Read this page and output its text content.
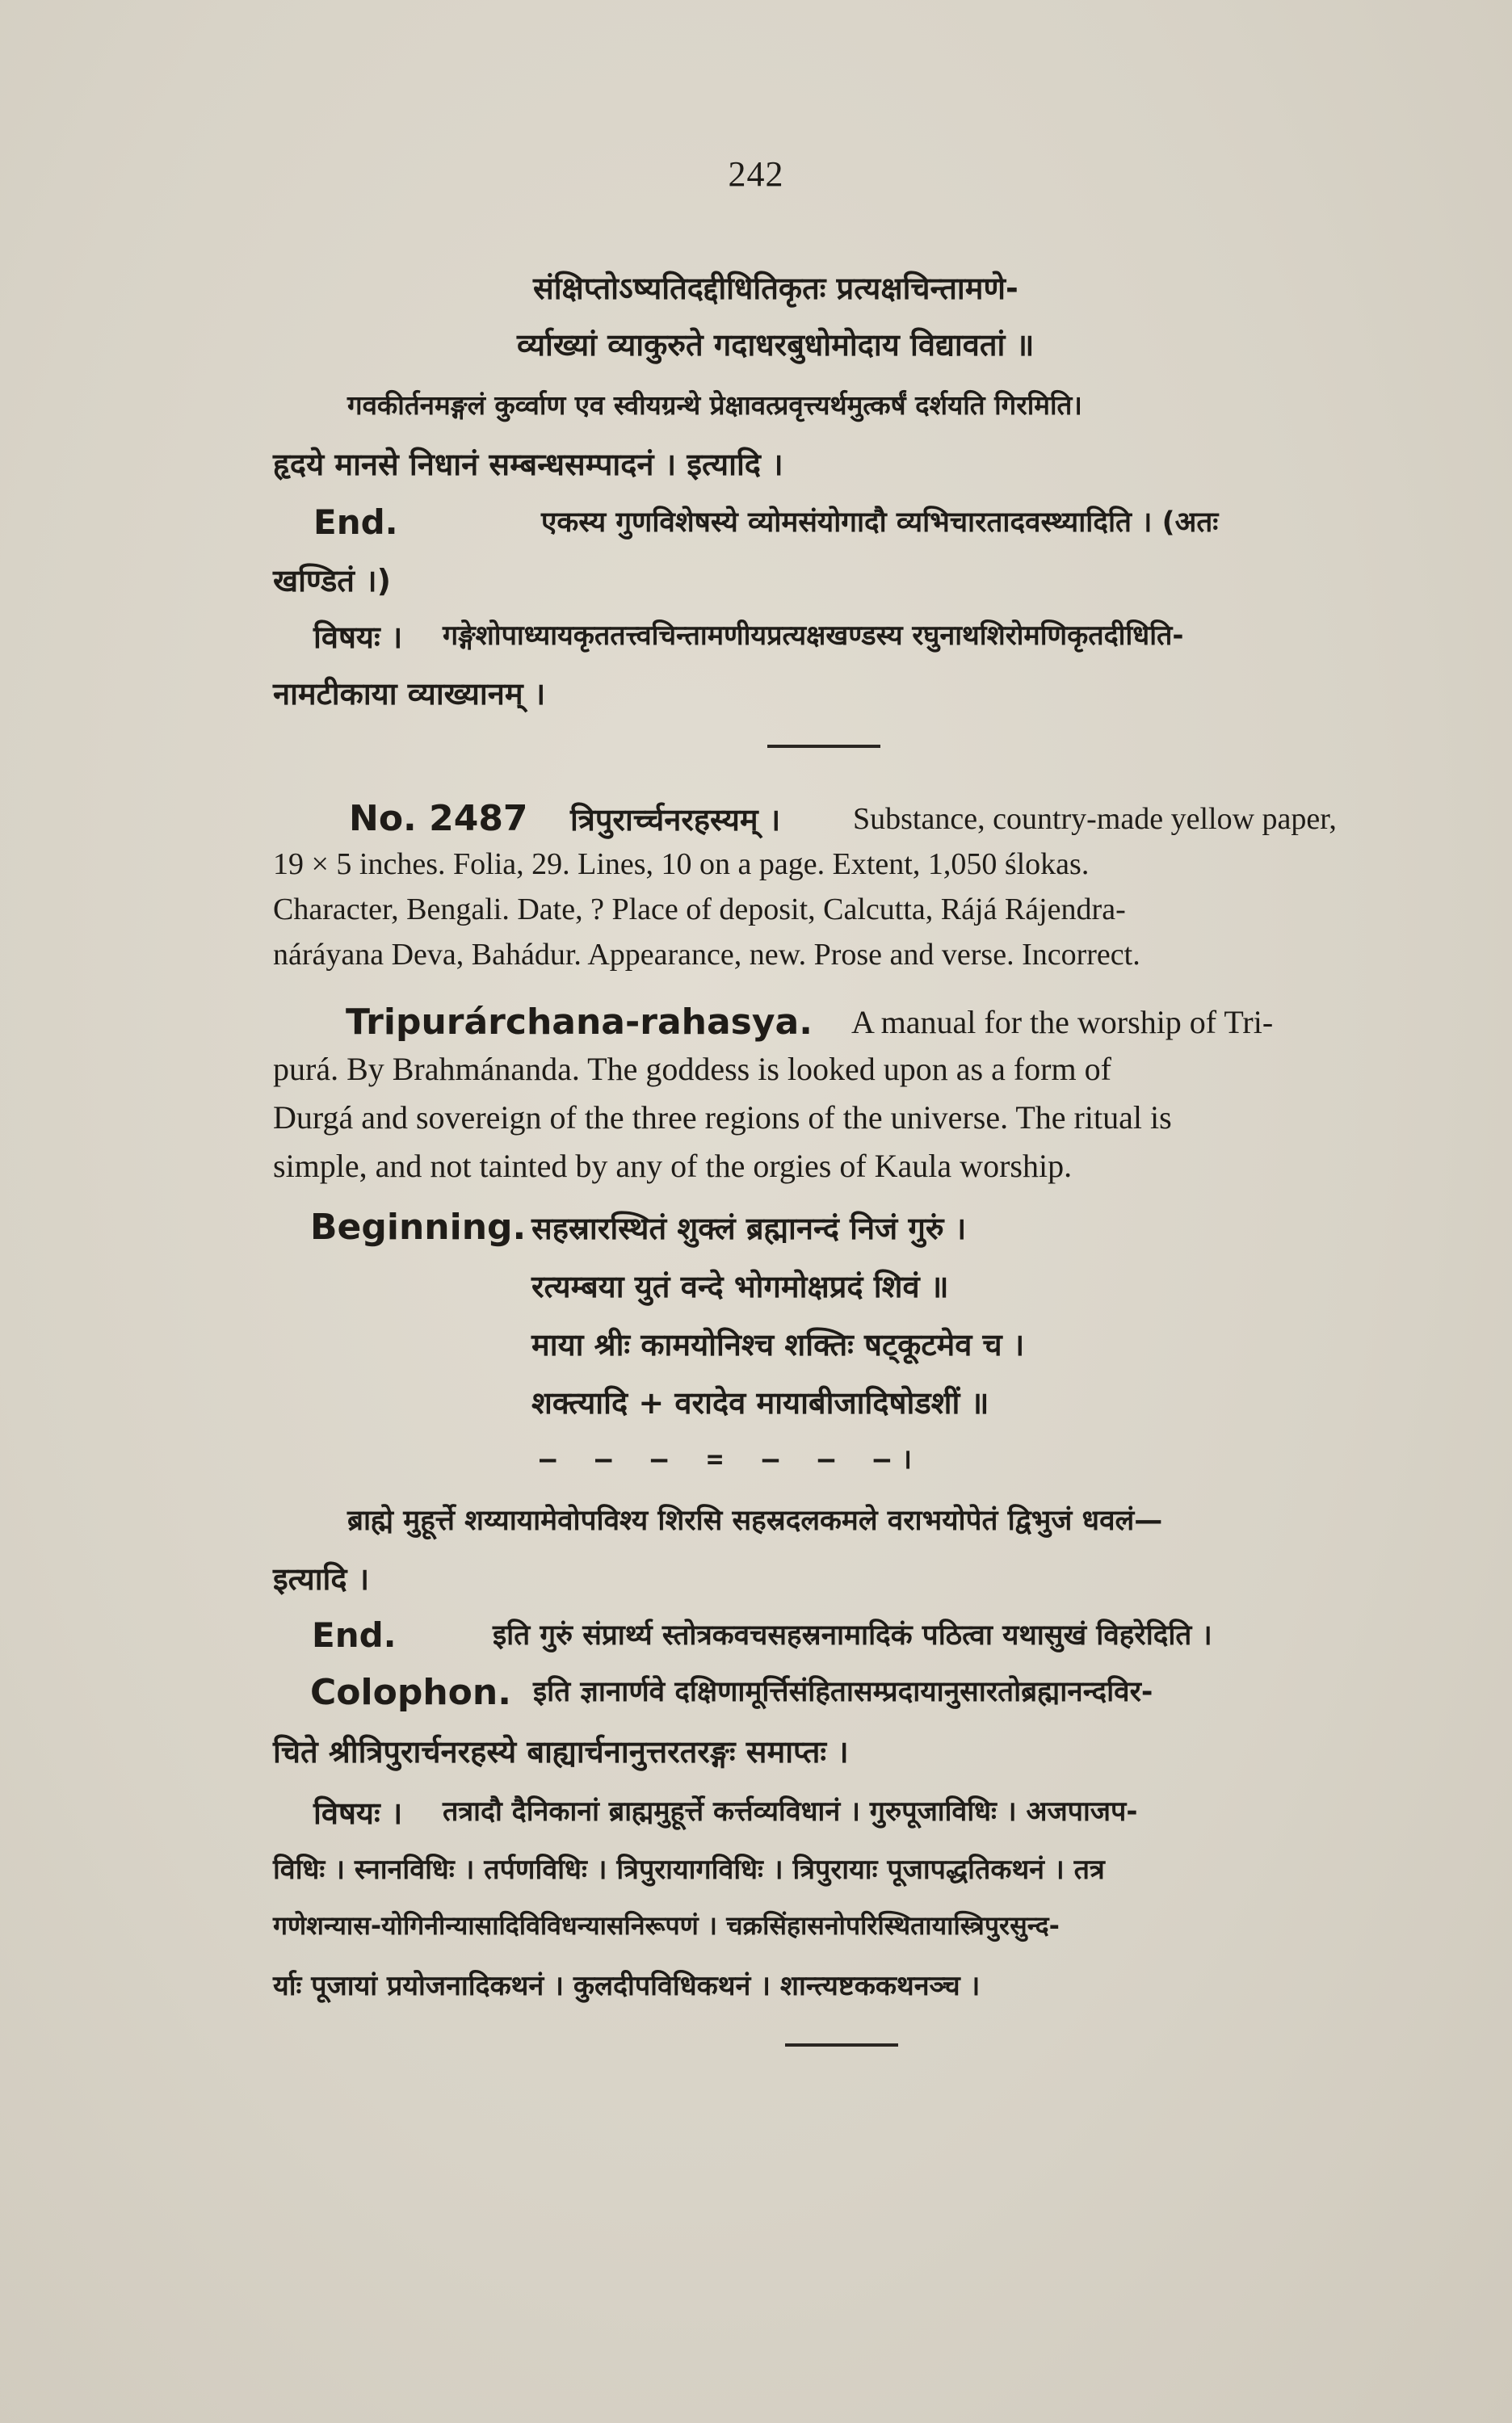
242
संक्षिप्तोऽष्यतिदद्दीधितिकृतः प्रत्यक्षचिन्तामणे-
र्व्याख्यां व्याकुरुते गदाधरबुधोमोदाय विद्यावतां ॥
गवकीर्तनमङ्गलं कुर्व्वाण एव स्वीयग्रन्थे प्रेक्षावत्प्रवृत्त्यर्थमुत्कर्षं दर्शयति गिरमिति।
हृदये मानसे निधानं सम्बन्धसम्पादनं । इत्यादि ।
End.	एकस्य गुणविशेषस्ये व्योमसंयोगादौ व्यभिचारतादवस्थ्यादिति । (अतः
खण्डितं ।)
विषयः । गङ्गेशोपाध्यायकृततत्त्वचिन्तामणीयप्रत्यक्षखण्डस्य रघुनाथशिरोमणिकृतदीधिति-
नामटीकाया व्याख्यानम् ।
No. 2487 त्रिपुरार्च्चनरहस्यम् । Substance, country-made yellow paper,
19 × 5 inches. Folia, 29. Lines, 10 on a page. Extent, 1,050 ślokas.
Character, Bengali. Date, ? Place of deposit, Calcutta, Rájá Rájendra-
náráyana Deva, Bahádur. Appearance, new. Prose and verse. Incorrect.
Tripurárchana-rahasya. A manual for the worship of Tri-
purá. By Brahmánanda. The goddess is looked upon as a form of
Durgá and sovereign of the three regions of the universe. The ritual is
simple, and not tainted by any of the orgies of Kaula worship.
Beginning. सहस्रारस्थितं शुक्लं ब्रह्मानन्दं निजं गुरुं ।
रत्यम्बया युतं वन्दे भोगमोक्षप्रदं शिवं ॥
माया श्रीः कामयोनिश्च शक्तिः षट्कूटमेव च ।
शक्त्यादि + वरादेव मायाबीजादिषोडशीं ॥
— — — = — — —।
ब्राह्मे मुहूर्त्ते शय्यायामेवोपविश्य शिरसि सहस्रदलकमले वराभयोपेतं द्विभुजं धवलं—
इत्यादि ।
End.	इति गुरुं संप्रार्थ्य स्तोत्रकवचसहस्रनामादिकं पठित्वा यथासुखं विहरेदिति ।
Colophon. इति ज्ञानार्णवे दक्षिणामूर्त्तिसंहितासम्प्रदायानुसारतोब्रह्मानन्दविर-
चिते श्रीत्रिपुरार्चनरहस्ये बाह्यार्चनानुत्तरतरङ्गः समाप्तः ।
विषयः । तत्रादौ दैनिकानां ब्राह्ममुहूर्त्ते कर्त्तव्यविधानं । गुरुपूजाविधिः । अजपाजप-
विधिः । स्नानविधिः । तर्पणविधिः । त्रिपुरायागविधिः । त्रिपुरायाः पूजापद्धतिकथनं । तत्र
गणेशन्यास-योगिनीन्यासादिविविधन्यासनिरूपणं । चक्रसिंहासनोपरिस्थितायास्त्रिपुरसुन्द-
र्याः पूजायां प्रयोजनादिकथनं । कुलदीपविधिकथनं । शान्त्यष्टककथनञ्च ।
